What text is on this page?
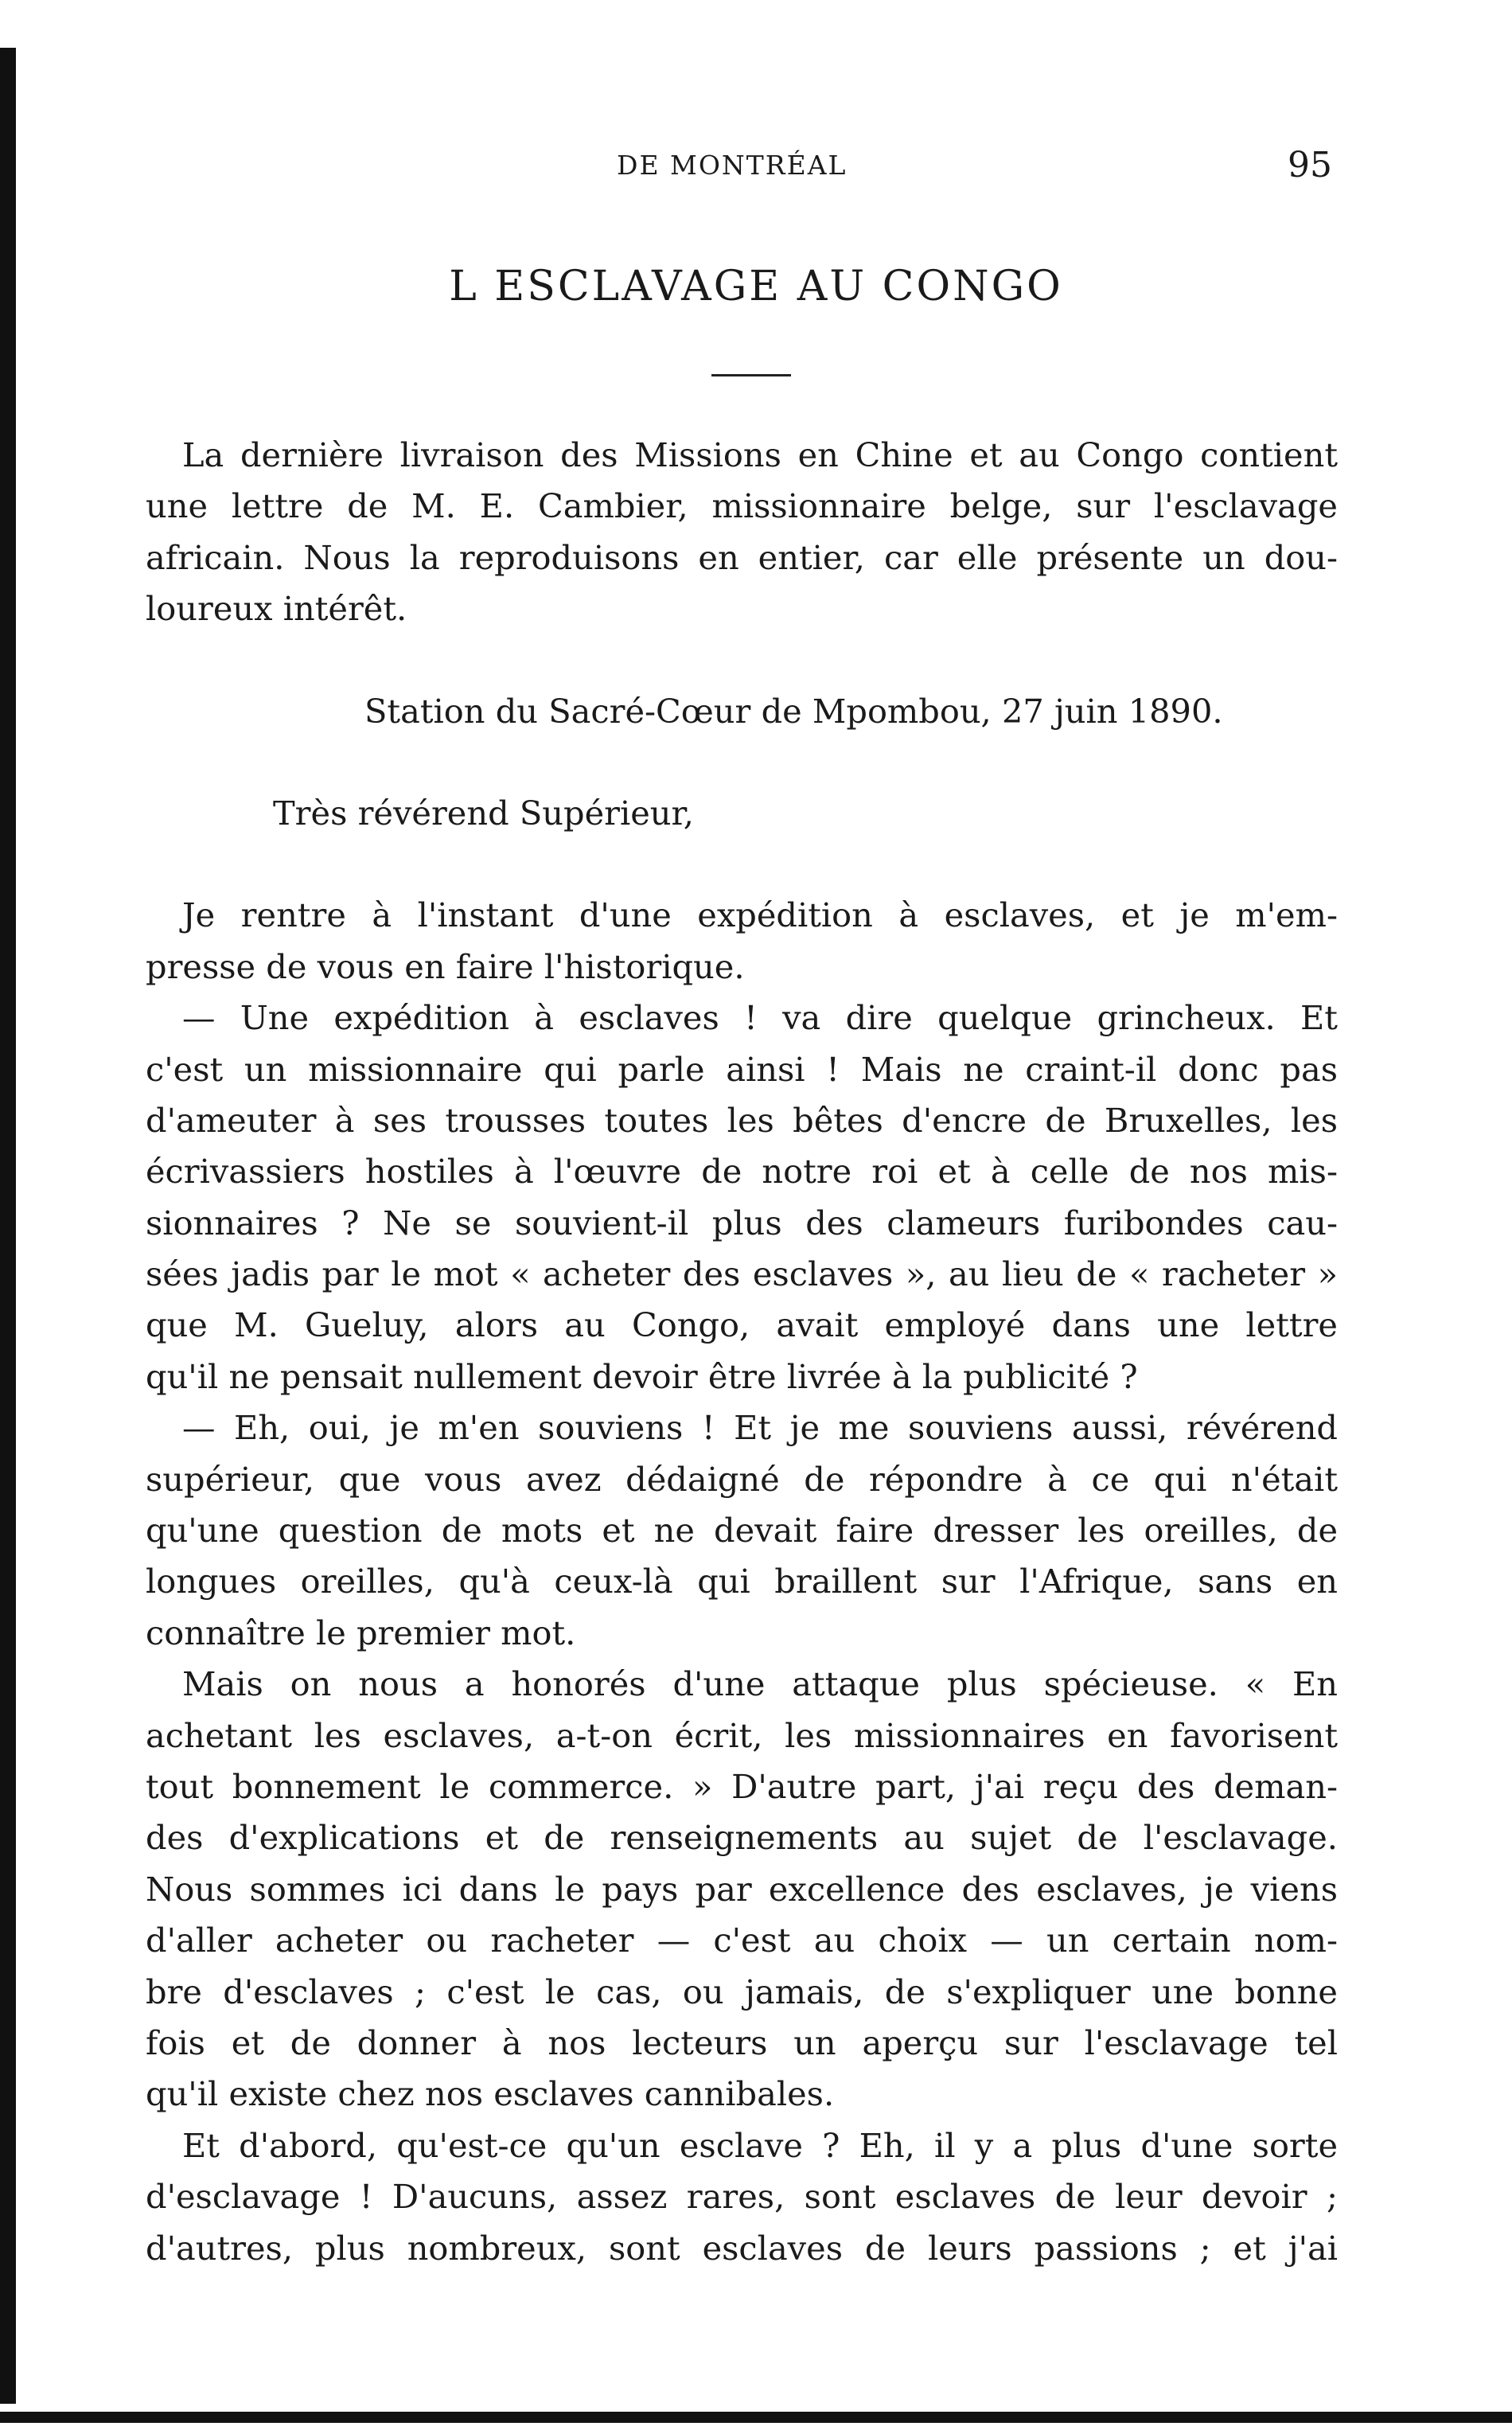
DE MONTRÉAL	95
L ESCLAVAGE AU CONGO
La dernière livraison des Missions en Chine et au Congo contient
une lettre de M. E. Cambier, missionnaire belge, sur l'esclavage
africain. Nous la reproduisons en entier, car elle présente un dou-
loureux intérêt.
Station du Sacré-Cœur de Mpombou, 27 juin 1890.
Très révérend Supérieur,
Je rentre à l'instant d'une expédition à esclaves, et je m'em-
presse de vous en faire l'historique.
— Une expédition à esclaves ! va dire quelque grincheux. Et
c'est un missionnaire qui parle ainsi ! Mais ne craint-il donc pas
d'ameuter à ses trousses toutes les bêtes d'encre de Bruxelles, les
écrivassiers hostiles à l'œuvre de notre roi et à celle de nos mis-
sionnaires ? Ne se souvient-il plus des clameurs furibondes cau-
sées jadis par le mot « acheter des esclaves », au lieu de « racheter »
que M. Gueluy, alors au Congo, avait employé dans une lettre
qu'il ne pensait nullement devoir être livrée à la publicité ?
— Eh, oui, je m'en souviens ! Et je me souviens aussi, révérend
supérieur, que vous avez dédaigné de répondre à ce qui n'était
qu'une question de mots et ne devait faire dresser les oreilles, de
longues oreilles, qu'à ceux-là qui braillent sur l'Afrique, sans en
connaître le premier mot.
Mais on nous a honorés d'une attaque plus spécieuse. « En
achetant les esclaves, a-t-on écrit, les missionnaires en favorisent
tout bonnement le commerce. » D'autre part, j'ai reçu des deman-
des d'explications et de renseignements au sujet de l'esclavage.
Nous sommes ici dans le pays par excellence des esclaves, je viens
d'aller acheter ou racheter — c'est au choix — un certain nom-
bre d'esclaves ; c'est le cas, ou jamais, de s'expliquer une bonne
fois et de donner à nos lecteurs un aperçu sur l'esclavage tel
qu'il existe chez nos esclaves cannibales.
Et d'abord, qu'est-ce qu'un esclave ? Eh, il y a plus d'une sorte
d'esclavage ! D'aucuns, assez rares, sont esclaves de leur devoir ;
d'autres, plus nombreux, sont esclaves de leurs passions ; et j'ai
